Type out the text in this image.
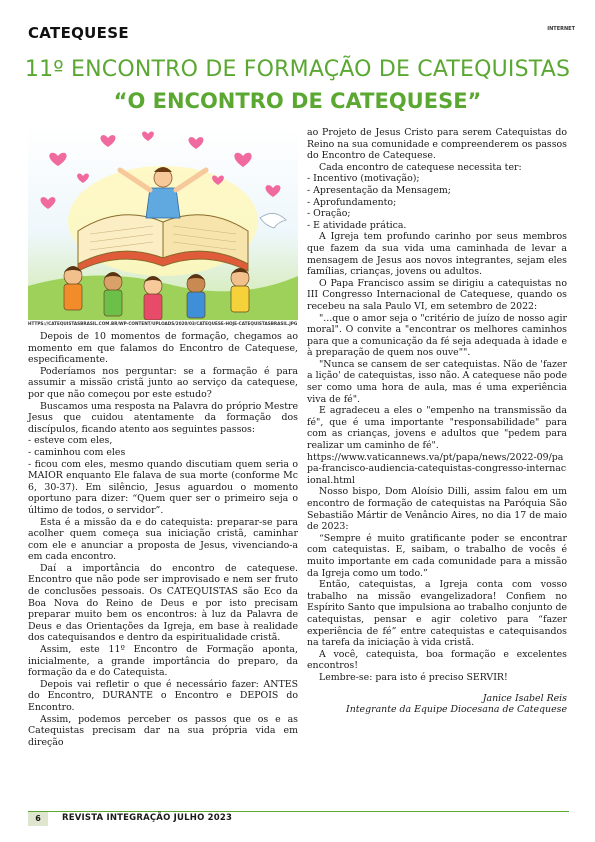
CATEQUESE	INTERNET
11º ENCONTRO DE FORMAÇÃO DE CATEQUISTAS
“O ENCONTRO DE CATEQUESE”
HTTPS://CATEQUISTASBRASIL.COM.BR/WP-CONTENT/UPLOADS/2020/03/CATEQUESE-HOJE-CATEQUISTASBRASIL.JPG

Depois de 10 momentos de formação, chegamos ao momento em que falamos do Encontro de Catequese, especificamente.

Poderíamos nos perguntar: se a formação é para assumir a missão cristã junto ao serviço da catequese, por que não começou por este estudo?

Buscamos uma resposta na Palavra do próprio Mestre Jesus que cuidou atentamente da formação dos discípulos, ficando atento aos seguintes passos:

- esteve com eles,

- caminhou com eles

- ficou com eles, mesmo quando discutiam quem seria o MAIOR enquanto Ele falava de sua morte (conforme Mc 6, 30-37). Em silêncio, Jesus aguardou o momento oportuno para dizer: “Quem quer ser o primeiro seja o último de todos, o servidor”.

Esta é a missão da e do catequista: preparar-se para acolher quem começa sua iniciação cristã, caminhar com ele e anunciar a proposta de Jesus, vivenciando-a em cada encontro.

Daí a importância do encontro de catequese. Encontro que não pode ser improvisado e nem ser fruto de conclusões pessoais. Os CATEQUISTAS são Eco da Boa Nova do Reino de Deus e por isto precisam preparar muito bem os encontros: à luz da Palavra de Deus e das Orientações da Igreja, em base à realidade dos catequisandos e dentro da espiritualidade cristã.

Assim, este 11º Encontro de Formação aponta, inicialmente, a grande importância do preparo, da formação da e do Catequista.

Depois vai refletir o que é necessário fazer: ANTES do Encontro, DURANTE o Encontro e DEPOIS do Encontro.

Assim, podemos perceber os passos que os e as Catequistas precisam dar na sua própria vida em direção

ao Projeto de Jesus Cristo para serem Catequistas do Reino na sua comunidade e compreenderem os passos do Encontro de Catequese.

Cada encontro de catequese necessita ter:

- Incentivo (motivação);

- Apresentação da Mensagem;

- Aprofundamento;

- Oração;

- E atividade prática.

A Igreja tem profundo carinho por seus membros que fazem da sua vida uma caminhada de levar a mensagem de Jesus aos novos integrantes, sejam eles famílias, crianças, jovens ou adultos.

O Papa Francisco assim se dirigiu a catequistas no III Congresso Internacional de Catequese, quando os recebeu na sala Paulo VI, em setembro de 2022:

"...que o amor seja o "critério de juízo de nosso agir moral". O convite a "encontrar os melhores caminhos para que a comunicação da fé seja adequada à idade e à preparação de quem nos ouve"".

"Nunca se cansem de ser catequistas. Não de 'fazer a lição' de catequistas, isso não. A catequese não pode ser como uma hora de aula, mas é uma experiência viva de fé".

E agradeceu a eles o "empenho na transmissão da fé", que é uma importante "responsabilidade" para com as crianças, jovens e adultos que "pedem para realizar um caminho de fé".

https://www.vaticannews.va/pt/papa/news/2022-09/papa-francisco-audiencia-catequistas-congresso-internacional.html

Nosso bispo, Dom Aloísio Dilli, assim falou em um encontro de formação de catequistas na Paróquia São Sebastião Mártir de Venâncio Aires, no dia 17 de maio de 2023:

“Sempre é muito gratificante poder se encontrar com catequistas. E, saibam, o trabalho de vocês é muito importante em cada comunidade para a missão da Igreja como um todo.”

Então, catequistas, a Igreja conta com vosso trabalho na missão evangelizadora! Confiem no Espírito Santo que impulsiona ao trabalho conjunto de catequistas, pensar e agir coletivo para “fazer experiência de fé” entre catequistas e catequisandos na tarefa da iniciação à vida cristã.

A você, catequista, boa formação e excelentes encontros!

Lembre-se: para isto é preciso SERVIR!

Janice Isabel Reis

Integrante da Equipe Diocesana de Catequese

6	REVISTA INTEGRAÇÃO JULHO 2023
